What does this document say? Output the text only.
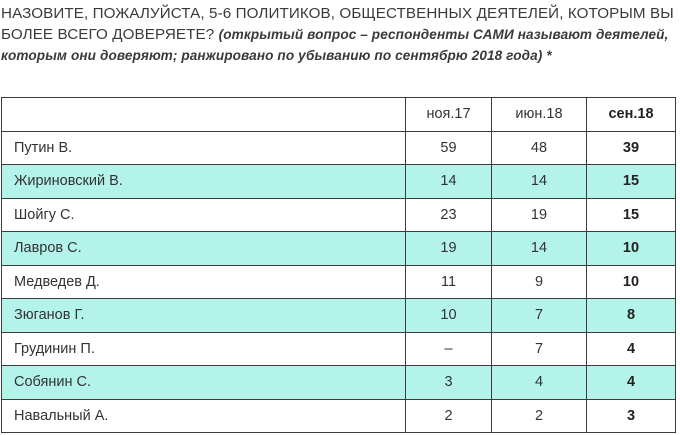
НАЗОВИТЕ, ПОЖАЛУЙСТА, 5-6 ПОЛИТИКОВ, ОБЩЕСТВЕННЫХ ДЕЯТЕЛЕЙ, КОТОРЫМ ВЫ БОЛЕЕ ВСЕГО ДОВЕРЯЕТЕ? (открытый вопрос – респонденты САМИ называют деятелей, которым они доверяют; ранжировано по убыванию по сентябрю 2018 года) *
	ноя.17	июн.18	сен.18
Путин В.	59	48	39
Жириновский В.	14	14	15
Шойгу С.	23	19	15
Лавров С.	19	14	10
Медведев Д.	11	9	10
Зюганов Г.	10	7	8
Грудинин П.	–	7	4
Собянин С.	3	4	4
Навальный А.	2	2	3
